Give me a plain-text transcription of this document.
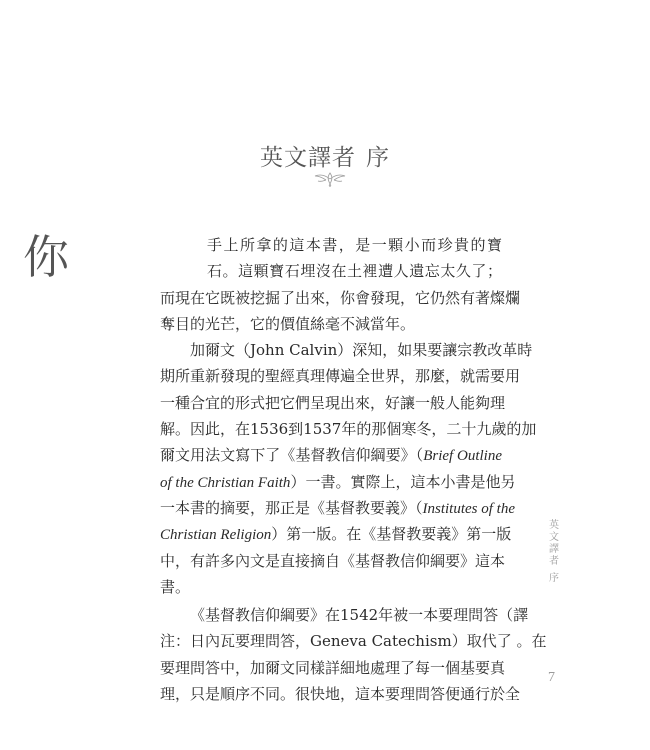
英文譯者 序
你	手上所拿的這本書，是一顆小而珍貴的寶
石。這顆寶石埋沒在土裡遭人遺忘太久了；
而現在它既被挖掘了出來，你會發現，它仍然有著燦爛
奪目的光芒，它的價值絲毫不減當年。
加爾文（John Calvin）深知，如果要讓宗教改革時
期所重新發現的聖經真理傳遍全世界，那麼，就需要用
一種合宜的形式把它們呈現出來，好讓一般人能夠理
解。因此，在1536到1537年的那個寒冬，二十九歲的加
爾文用法文寫下了《基督教信仰綱要》（Brief Outline
of the Christian Faith）一書。實際上，這本小書是他另
一本書的摘要，那正是《基督教要義》（Institutes of the
Christian Religion）第一版。在《基督教要義》第一版
中，有許多內文是直接摘自《基督教信仰綱要》這本
書。
《基督教信仰綱要》在1542年被一本要理問答（譯
注：日內瓦要理問答，Geneva Catechism）取代了 。在
要理問答中，加爾文同樣詳細地處理了每一個基要真
理，只是順序不同。很快地，這本要理問答便通行於全
英
文
譯
者
序
7
